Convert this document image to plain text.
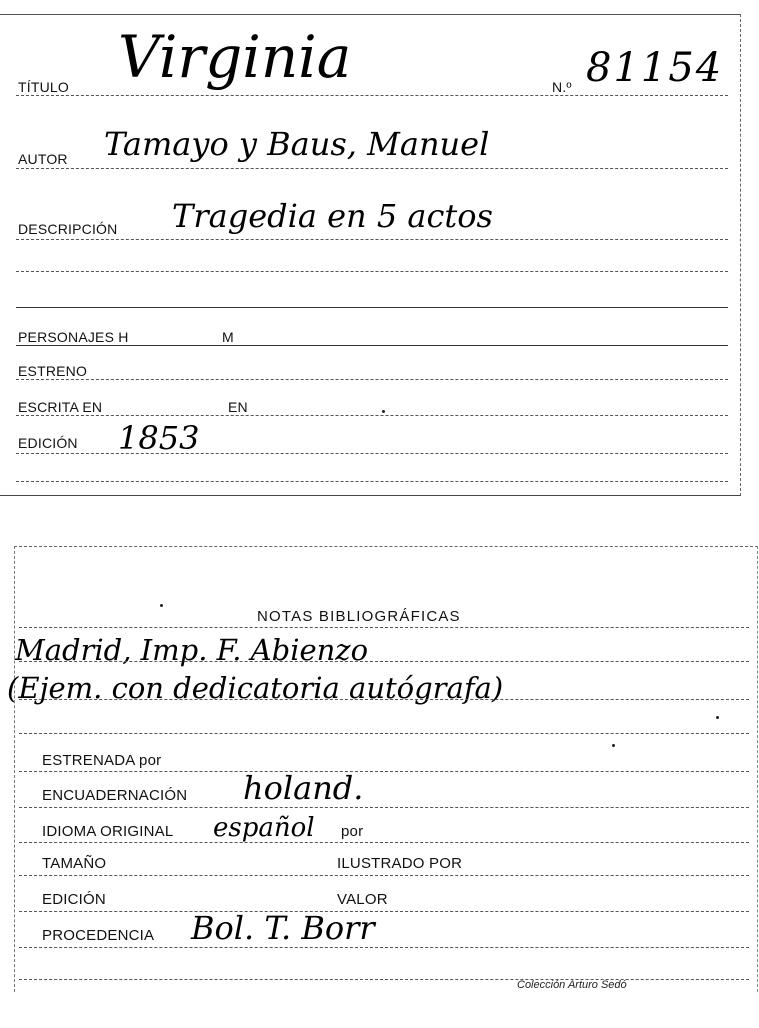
TÍTULO Virginia	N.º 81154
AUTOR Tamayo y Baus, Manuel
DESCRIPCIÓN Tragedia en 5 actos
PERSONAJES H	M
ESTRENO
ESCRITA EN	EN
EDICIÓN 1853
NOTAS BIBLIOGRÁFICAS
Madrid, Imp. F. Abienzo
(Ejem. con dedicatoria autógrafa)
ESTRENADA por
ENCUADERNACIÓN holand.
IDIOMA ORIGINAL español por
TAMAÑO	ILUSTRADO POR
EDICIÓN	VALOR
PROCEDENCIA Bol. T. Borr
Colección Arturo Sedó
